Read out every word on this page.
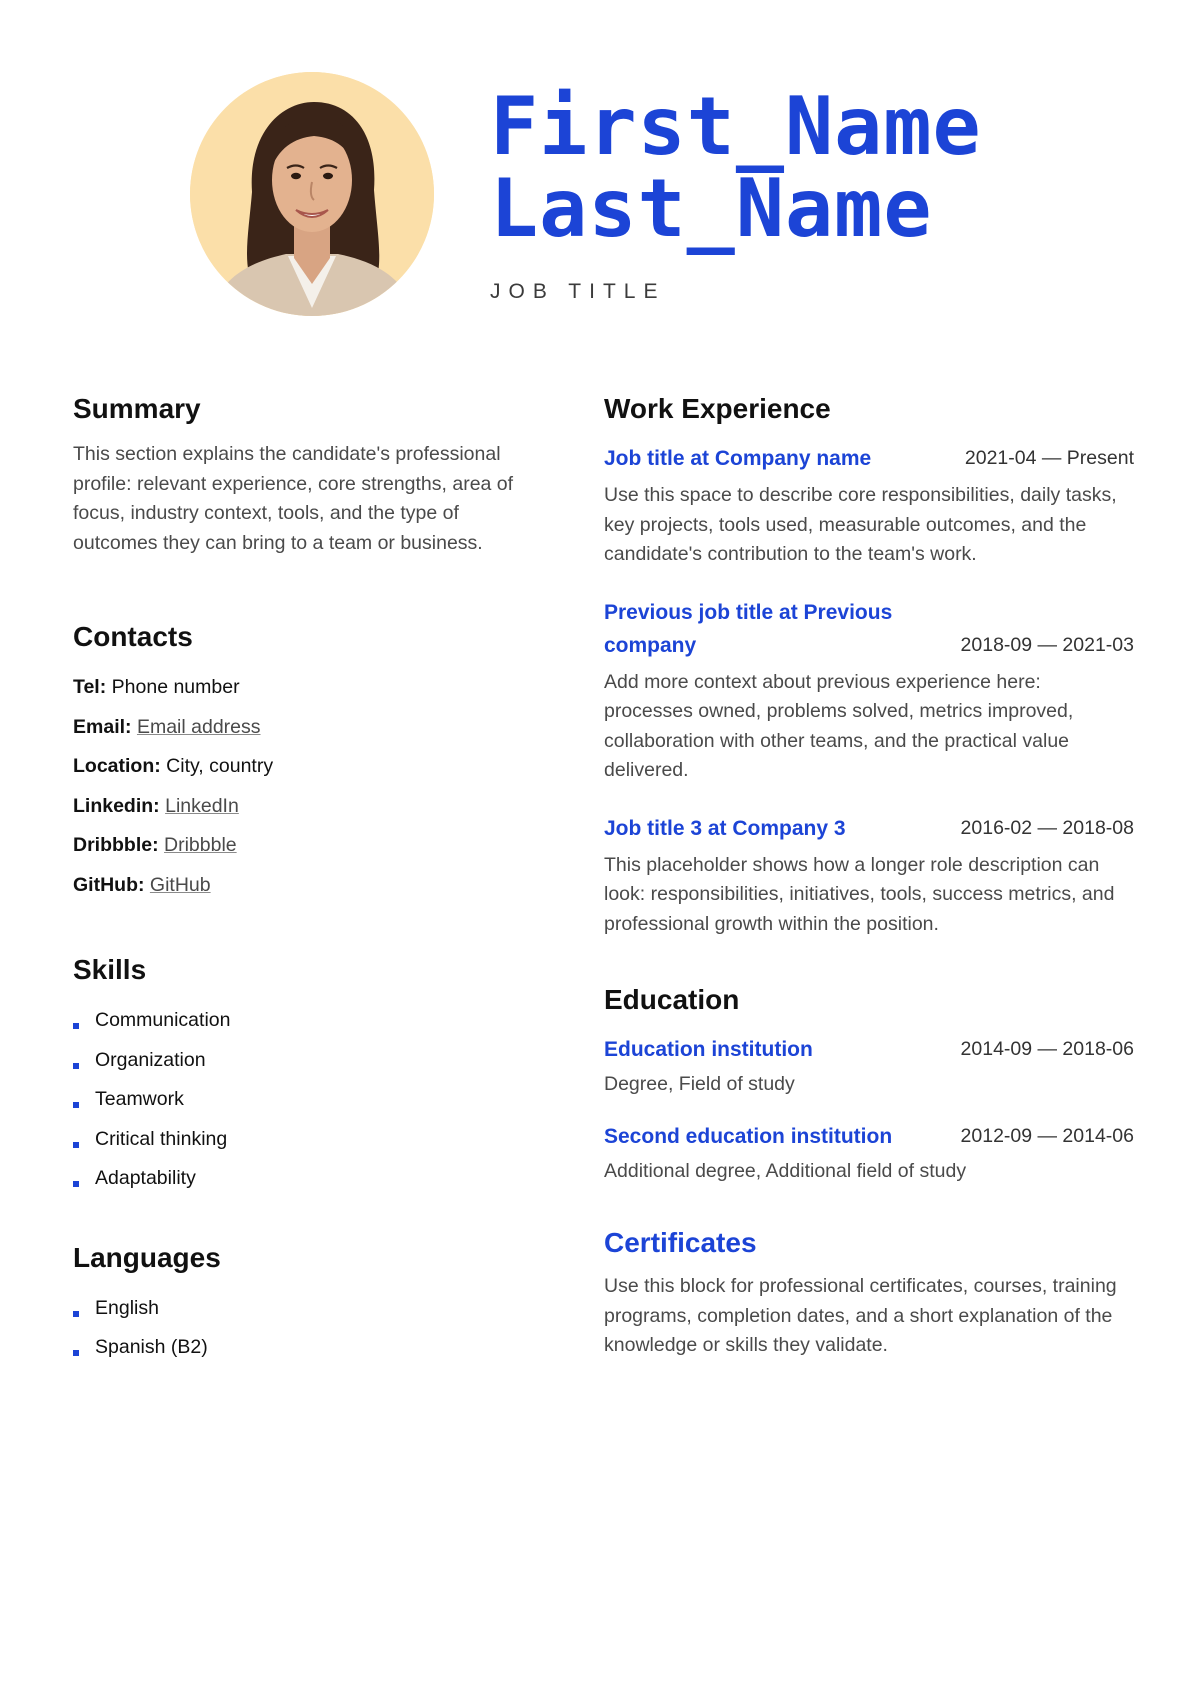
First_Name
Last_Name
JOB TITLE
Summary

This section explains the candidate's professional profile: relevant experience, core strengths, area of focus, industry context, tools, and the type of outcomes they can bring to a team or business.

Contacts
Tel: Phone number
Email: Email address
Location: City, country
Linkedin: LinkedIn
Dribbble: Dribbble
GitHub: GitHub
Skills
Communication
Organization
Teamwork
Critical thinking
Adaptability
Languages
English
Spanish (B2)
Work Experience
Job title at Company name	2021-04 — Present

Use this space to describe core responsibilities, daily tasks, key projects, tools used, measurable outcomes, and the candidate's contribution to the team's work.

Previous job title at Previous company	2018-09 — 2021-03

Add more context about previous experience here: processes owned, problems solved, metrics improved, collaboration with other teams, and the practical value delivered.

Job title 3 at Company 3	2016-02 — 2018-08

This placeholder shows how a longer role description can look: responsibilities, initiatives, tools, success metrics, and professional growth within the position.

Education
Education institution	2014-09 — 2018-06

Degree, Field of study

Second education institution	2012-09 — 2014-06

Additional degree, Additional field of study

Certificates

Use this block for professional certificates, courses, training programs, completion dates, and a short explanation of the knowledge or skills they validate.
